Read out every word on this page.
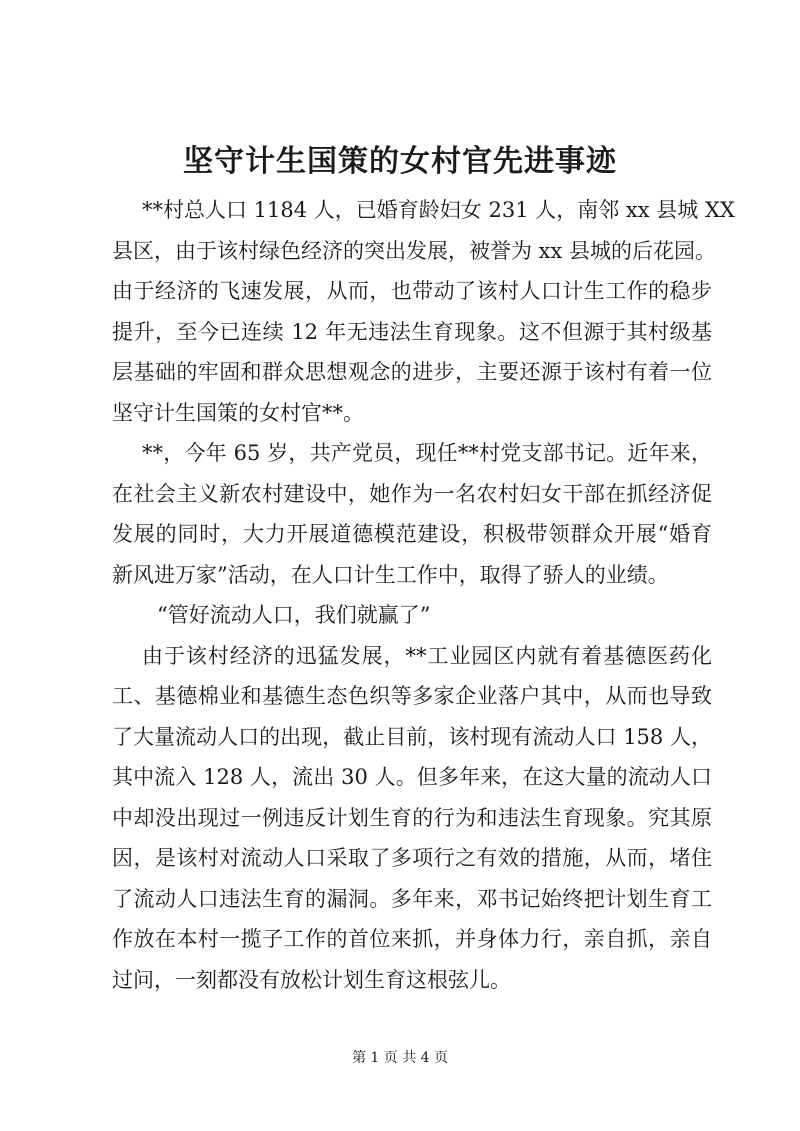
坚守计生国策的女村官先进事迹

**村总人口 1184 人，已婚育龄妇女 231 人，南邻 xx 县城 XX

县区，由于该村绿色经济的突出发展，被誉为 xx 县城的后花园。

由于经济的飞速发展，从而，也带动了该村人口计生工作的稳步

提升，至今已连续 12 年无违法生育现象。这不但源于其村级基

层基础的牢固和群众思想观念的进步，主要还源于该村有着一位

坚守计生国策的女村官**。

**，今年 65 岁，共产党员，现任**村党支部书记。近年来，

在社会主义新农村建设中，她作为一名农村妇女干部在抓经济促

发展的同时，大力开展道德模范建设，积极带领群众开展“婚育

新风进万家”活动，在人口计生工作中，取得了骄人的业绩。

“管好流动人口，我们就赢了”

由于该村经济的迅猛发展，**工业园区内就有着基德医药化

工、基德棉业和基德生态色织等多家企业落户其中，从而也导致

了大量流动人口的出现，截止目前，该村现有流动人口 158 人，

其中流入 128 人，流出 30 人。但多年来，在这大量的流动人口

中却没出现过一例违反计划生育的行为和违法生育现象。究其原

因，是该村对流动人口采取了多项行之有效的措施，从而，堵住

了流动人口违法生育的漏洞。多年来，邓书记始终把计划生育工

作放在本村一揽子工作的首位来抓，并身体力行，亲自抓，亲自

过问，一刻都没有放松计划生育这根弦儿。

第 1 页 共 4 页
